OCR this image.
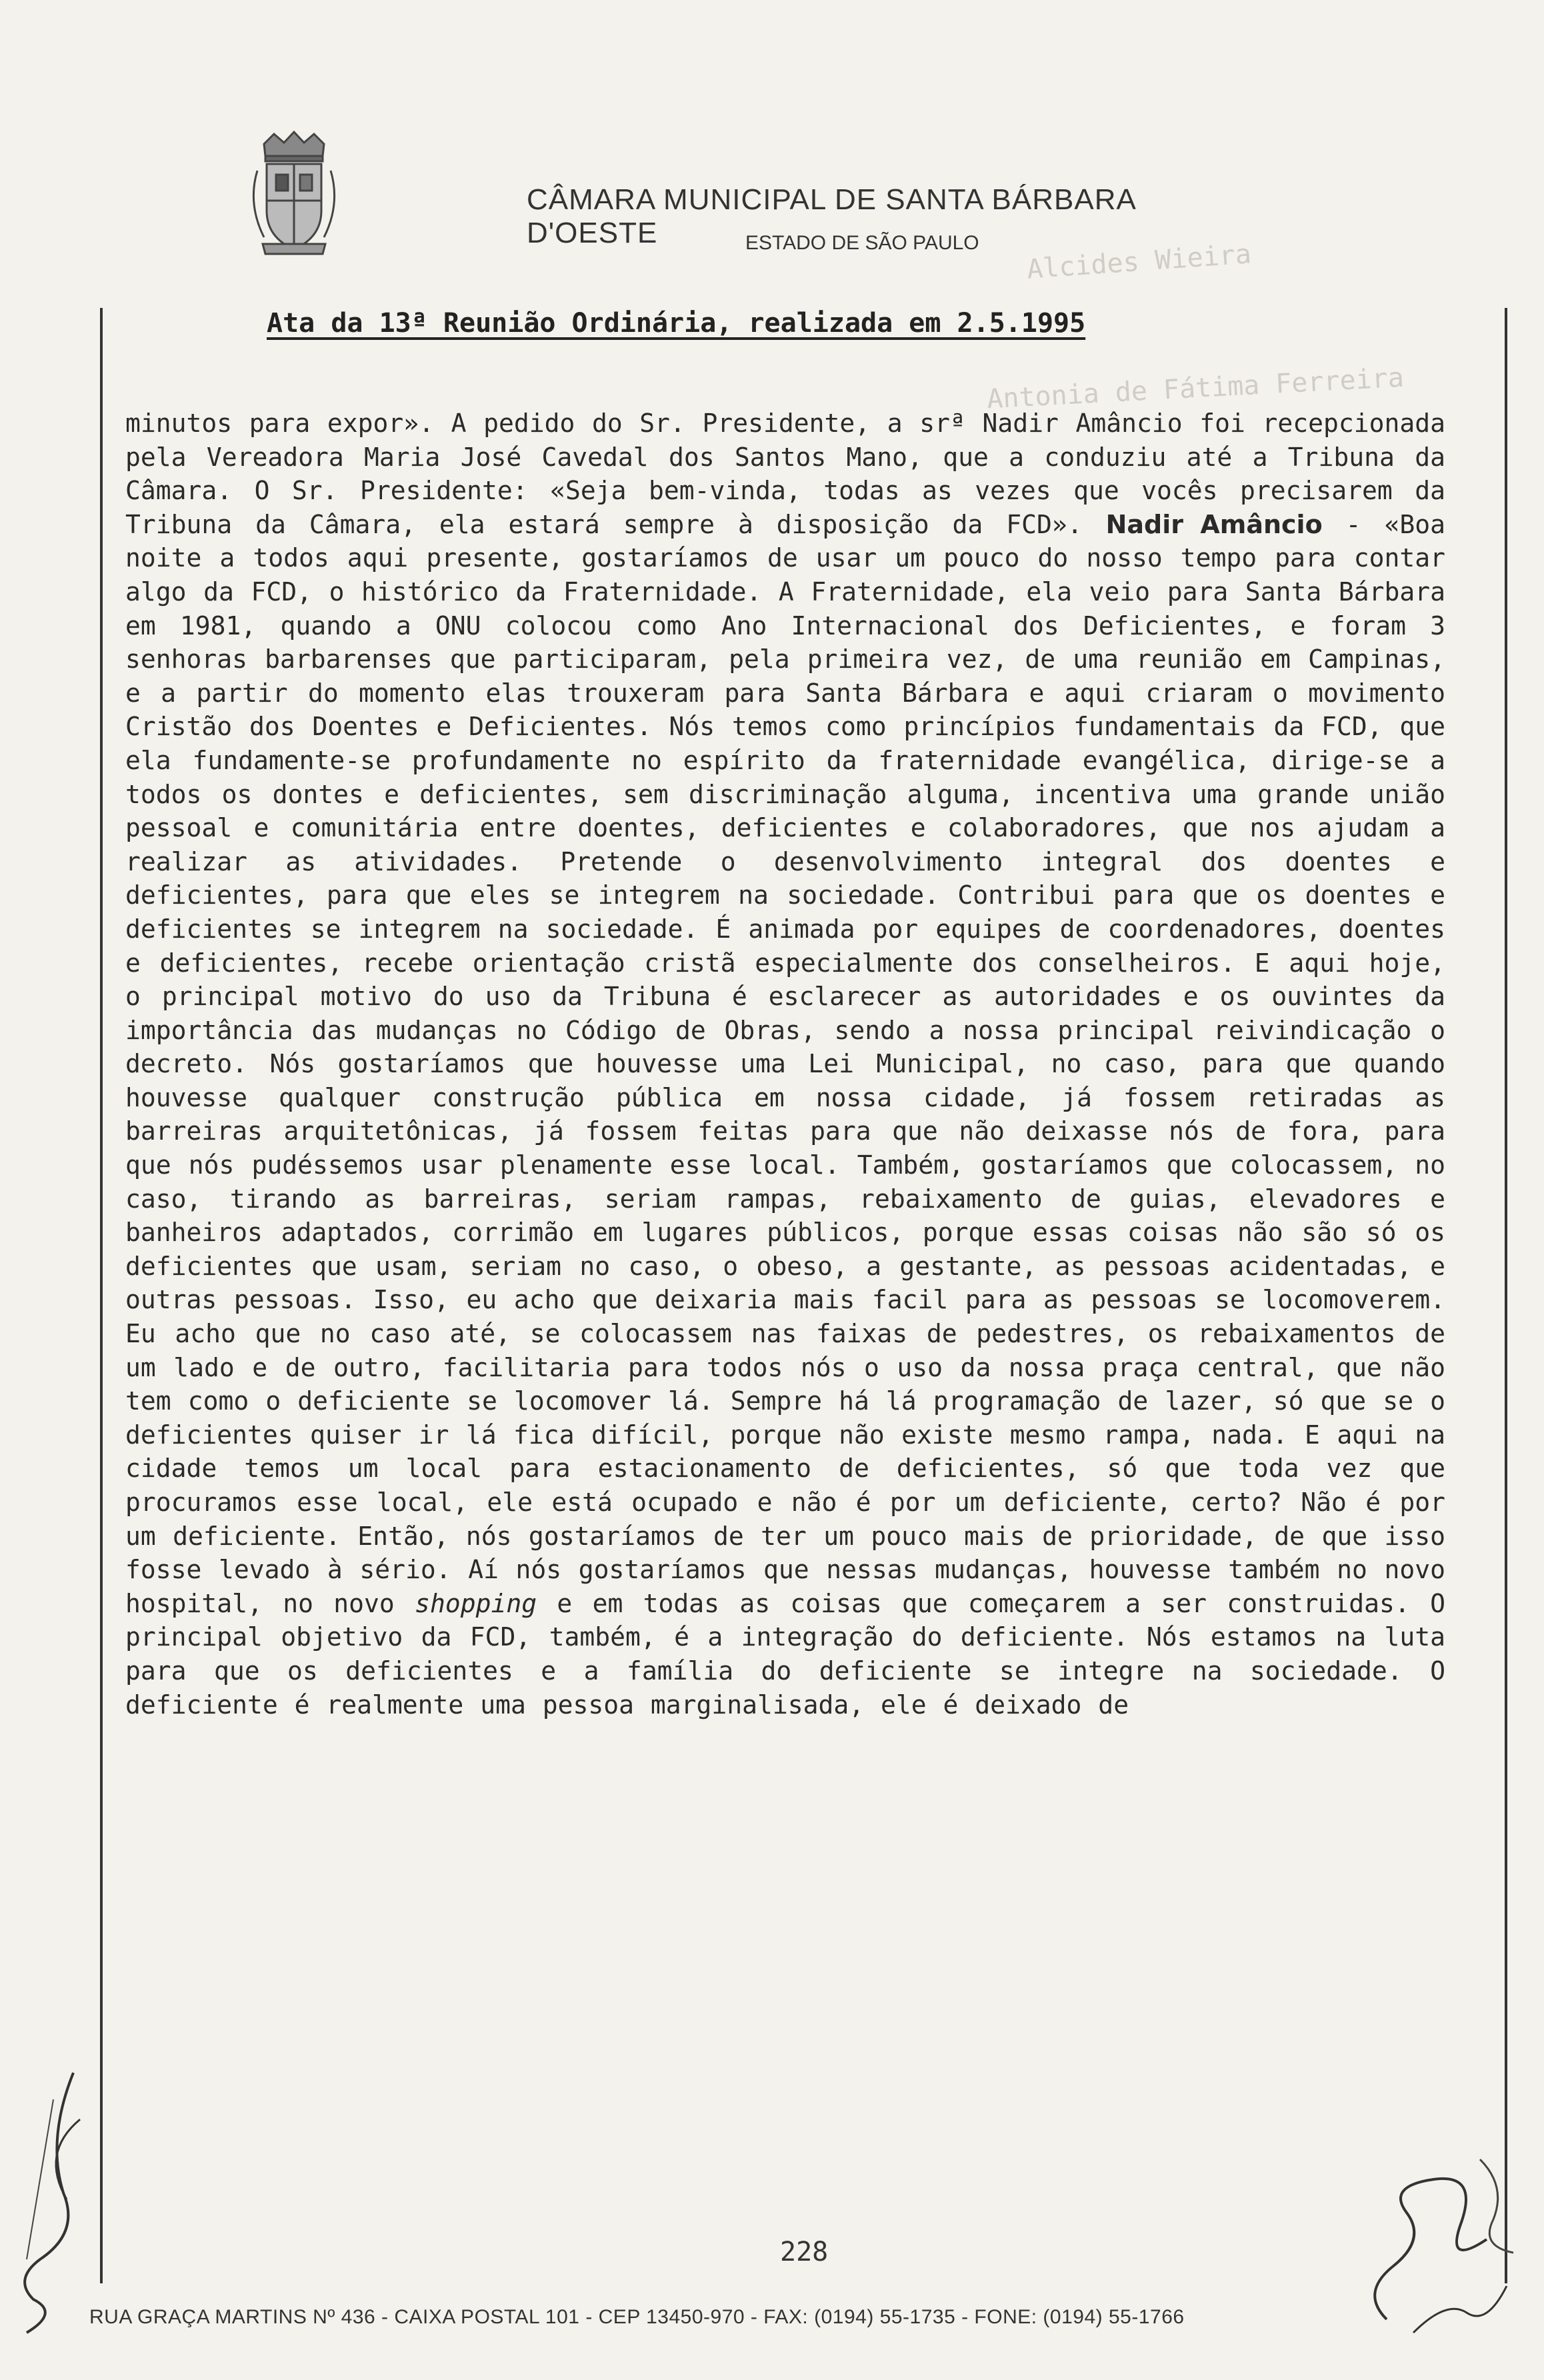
Alcides Wieira
Antonia de Fátima Ferreira
CÂMARA MUNICIPAL DE SANTA BÁRBARA D'OESTE	ESTADO DE SÃO PAULO
Ata da 13ª Reunião Ordinária, realizada em 2.5.1995
minutos para expor». A pedido do Sr. Presidente, a srª Nadir Amâncio foi recepcionada pela Vereadora Maria José Cavedal dos Santos Mano, que a conduziu até a Tribuna da Câmara. O Sr. Presidente: «Seja bem-vinda, todas as vezes que vocês precisarem da Tribuna da Câmara, ela estará sempre à disposição da FCD». Nadir Amâncio - «Boa noite a todos aqui presente, gostaríamos de usar um pouco do nosso tempo para contar algo da FCD, o histórico da Fraternidade. A Fraternidade, ela veio para Santa Bárbara em 1981, quando a ONU colocou como Ano Internacional dos Deficientes, e foram 3 senhoras barbarenses que participaram, pela primeira vez, de uma reunião em Campinas, e a partir do momento elas trouxeram para Santa Bárbara e aqui criaram o movimento Cristão dos Doentes e Deficientes. Nós temos como princípios fundamentais da FCD, que ela fundamente-se profundamente no espírito da fraternidade evangélica, dirige-se a todos os dontes e deficientes, sem discriminação alguma, incentiva uma grande união pessoal e comunitária entre doentes, deficientes e colaboradores, que nos ajudam a realizar as atividades. Pretende o desenvolvimento integral dos doentes e deficientes, para que eles se integrem na sociedade. Contribui para que os doentes e deficientes se integrem na sociedade. É animada por equipes de coordenadores, doentes e deficientes, recebe orientação cristã especialmente dos conselheiros. E aqui hoje, o principal motivo do uso da Tribuna é esclarecer as autoridades e os ouvintes da importância das mudanças no Código de Obras, sendo a nossa principal reivindicação o decreto. Nós gostaríamos que houvesse uma Lei Municipal, no caso, para que quando houvesse qualquer construção pública em nossa cidade, já fossem retiradas as barreiras arquitetônicas, já fossem feitas para que não deixasse nós de fora, para que nós pudéssemos usar plenamente esse local. Também, gostaríamos que colocassem, no caso, tirando as barreiras, seriam rampas, rebaixamento de guias, elevadores e banheiros adaptados, corrimão em lugares públicos, porque essas coisas não são só os deficientes que usam, seriam no caso, o obeso, a gestante, as pessoas acidentadas, e outras pessoas. Isso, eu acho que deixaria mais facil para as pessoas se locomoverem. Eu acho que no caso até, se colocassem nas faixas de pedestres, os rebaixamentos de um lado e de outro, facilitaria para todos nós o uso da nossa praça central, que não tem como o deficiente se locomover lá. Sempre há lá programação de lazer, só que se o deficientes quiser ir lá fica difícil, porque não existe mesmo rampa, nada. E aqui na cidade temos um local para estacionamento de deficientes, só que toda vez que procuramos esse local, ele está ocupado e não é por um deficiente, certo? Não é por um deficiente. Então, nós gostaríamos de ter um pouco mais de prioridade, de que isso fosse levado à sério. Aí nós gostaríamos que nessas mudanças, houvesse também no novo hospital, no novo shopping e em todas as coisas que começarem a ser construidas. O principal objetivo da FCD, também, é a integração do deficiente. Nós estamos na luta para que os deficientes e a família do deficiente se integre na sociedade. O deficiente é realmente uma pessoa marginalisada, ele é deixado de
228
RUA GRAÇA MARTINS Nº 436 - CAIXA POSTAL 101 - CEP 13450-970 - FAX: (0194) 55-1735 - FONE: (0194) 55-1766
